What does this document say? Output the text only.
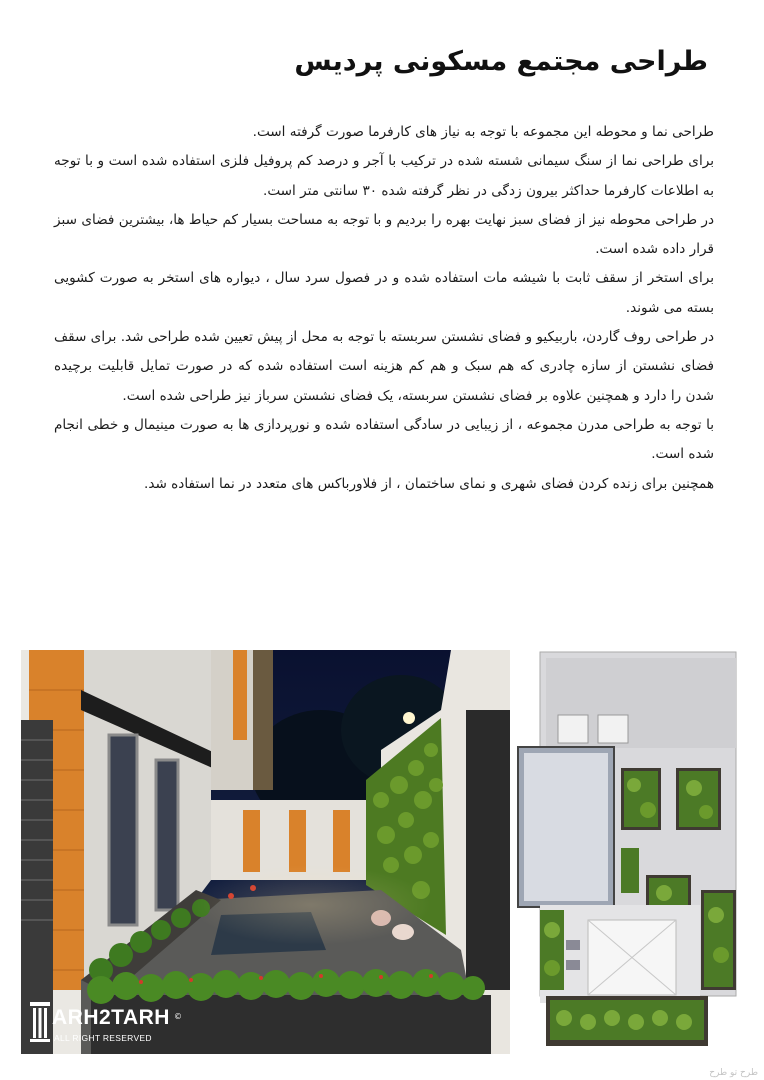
طراحی مجتمع مسکونی پردیس

طراحی نما و محوطه این مجموعه با توجه به نیاز های کارفرما صورت گرفته است.

برای طراحی نما از سنگ سیمانی شسته شده در ترکیب با آجر و درصد کم پروفیل فلزی استفاده شده است و با توجه به اطلاعات کارفرما حداکثر بیرون زدگی در نظر گرفته شده ۳۰ سانتی متر است.

در طراحی محوطه نیز از فضای سبز نهایت بهره را بردیم و با توجه به مساحت بسیار کم حیاط ها، بیشترین فضای سبز قرار داده شده است.

برای استخر از سقف ثابت با شیشه مات استفاده شده و در فصول سرد سال ، دیواره های استخر به صورت کشویی بسته می شوند.

در طراحی روف گاردن، باربیکیو و فضای نشستن سربسته با توجه به محل از پیش تعیین شده طراحی شد. برای سقف فضای نشستن از سازه چادری که هم سبک و هم کم هزینه است استفاده شده که در صورت تمایل قابلیت برچیده شدن را دارد و همچنین علاوه بر فضای نشستن سربسته، یک فضای نشستن سرباز نیز طراحی شده است.

با توجه به طراحی مدرن مجموعه ، از زیبایی در سادگی استفاده شده و نورپردازی ها به صورت مینیمال و خطی انجام شده است.

همچنین برای زنده کردن فضای شهری و نمای ساختمان ، از فلاورباکس های متعدد در نما استفاده شد.

ARH2TARH ©
ALL RIGHT RESERVED
طرح تو طرح
